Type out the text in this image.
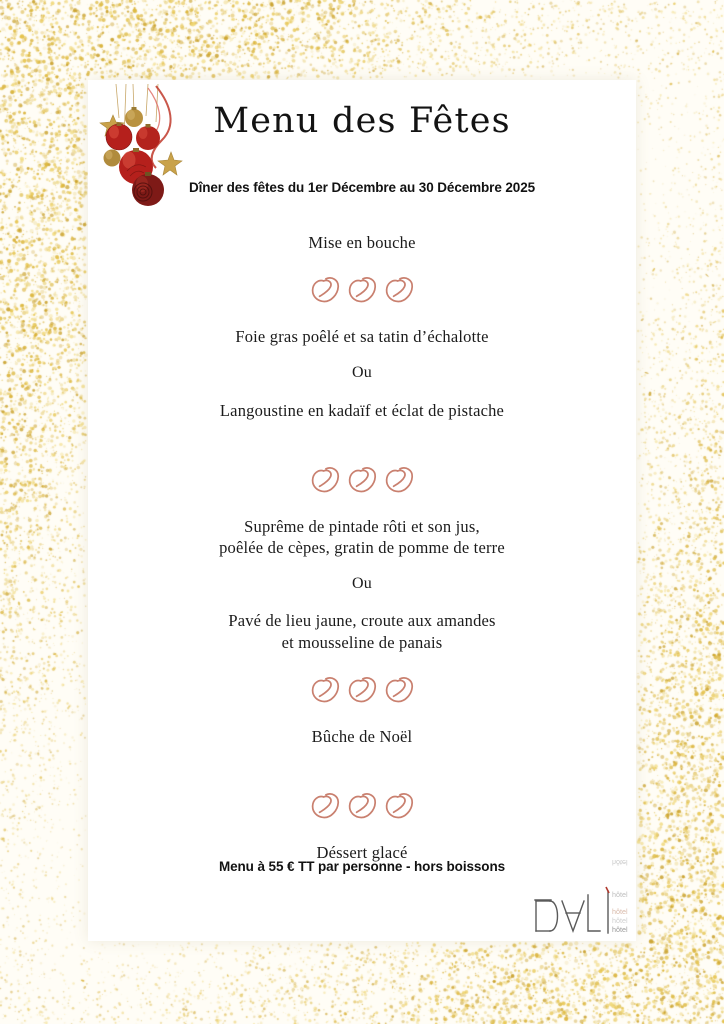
Menu des Fêtes
Dîner des fêtes du 1er Décembre au 30 Décembre 2025
Mise en bouche
Foie gras poêlé et sa tatin d’échalotte
Ou
Langoustine en kadaïf et éclat de pistache
Suprême de pintade rôti et son jus,
poêlée de cèpes, gratin de pomme de terre
Ou
Pavé de lieu jaune, croute aux amandes
et mousseline de panais
Bûche de Noël
Déssert glacé
Menu à 55 € TT par personne - hors boissons
hôtel
hôtel
hôtel
hôtel
hôtel
